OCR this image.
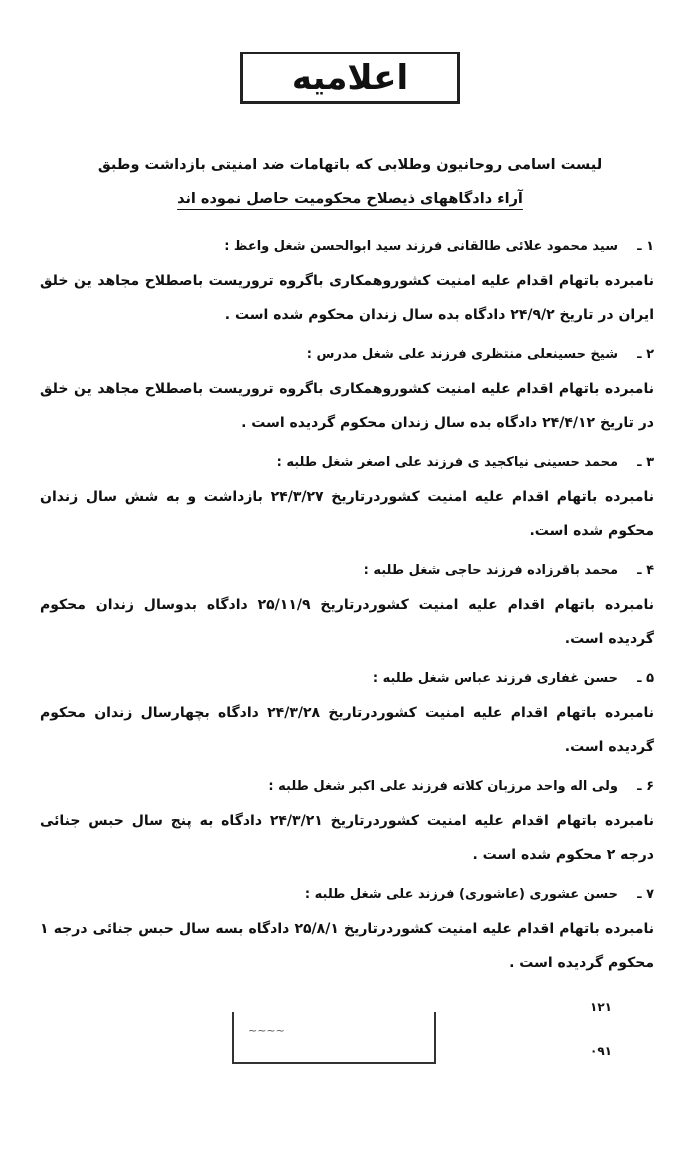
اعلامیه
لیست اسامی روحانیون وطلابی که باتهامات ضد امنیتی بازداشت وطبق
آراء دادگاههای ذیصلاح محکومیت حاصل نموده اند
۱ ـ
سید محمود علائی طالقانی فرزند سید ابوالحسن شغل واعظ :
نامبرده باتهام اقدام علیه امنیت کشوروهمکاری باگروه تروریست باصطلاح مجاهد ین خلق ایران در تاریخ ۲۴/۹/۲ دادگاه بده سال زندان محکوم شده است .
۲ ـ
شیخ حسینعلی منتظری فرزند علی شغل مدرس :
نامبرده باتهام اقدام علیه امنیت کشوروهمکاری باگروه تروریست باصطلاح مجاهد ین خلق در تاریخ ۲۴/۴/۱۲ دادگاه بده سال زندان محکوم گردیده است .
۳ ـ
محمد حسینی نیاکجید ی فرزند علی اصغر شغل طلبه :
نامبرده باتهام اقدام علیه امنیت کشوردرتاریخ ۲۴/۳/۲۷ بازداشت و به شش سال زندان محکوم شده است.
۴ ـ
محمد باقرزاده فرزند حاجی شغل طلبه :
نامبرده باتهام اقدام علیه امنیت کشوردرتاریخ ۲۵/۱۱/۹ دادگاه بدوسال زندان محکوم گردیده است.
۵ ـ
حسن غفاری فرزند عباس شغل طلبه :
نامبرده باتهام اقدام علیه امنیت کشوردرتاریخ ۲۴/۳/۲۸ دادگاه بچهارسال زندان محکوم گردیده است.
۶ ـ
ولی اله واحد مرزبان کلاته فرزند علی اکبر شغل طلبه :
نامبرده باتهام اقدام علیه امنیت کشوردرتاریخ ۲۴/۳/۲۱ دادگاه به پنج سال حبس جنائی درجه ۲ محکوم شده است .
۷ ـ
حسن عشوری (عاشوری) فرزند علی شغل طلبه :
نامبرده باتهام اقدام علیه امنیت کشوردرتاریخ ۲۵/۸/۱ دادگاه بسه سال حبس جنائی درجه ۱ محکوم گردیده است .
~~~~
۱۲۱
۰۹۱
